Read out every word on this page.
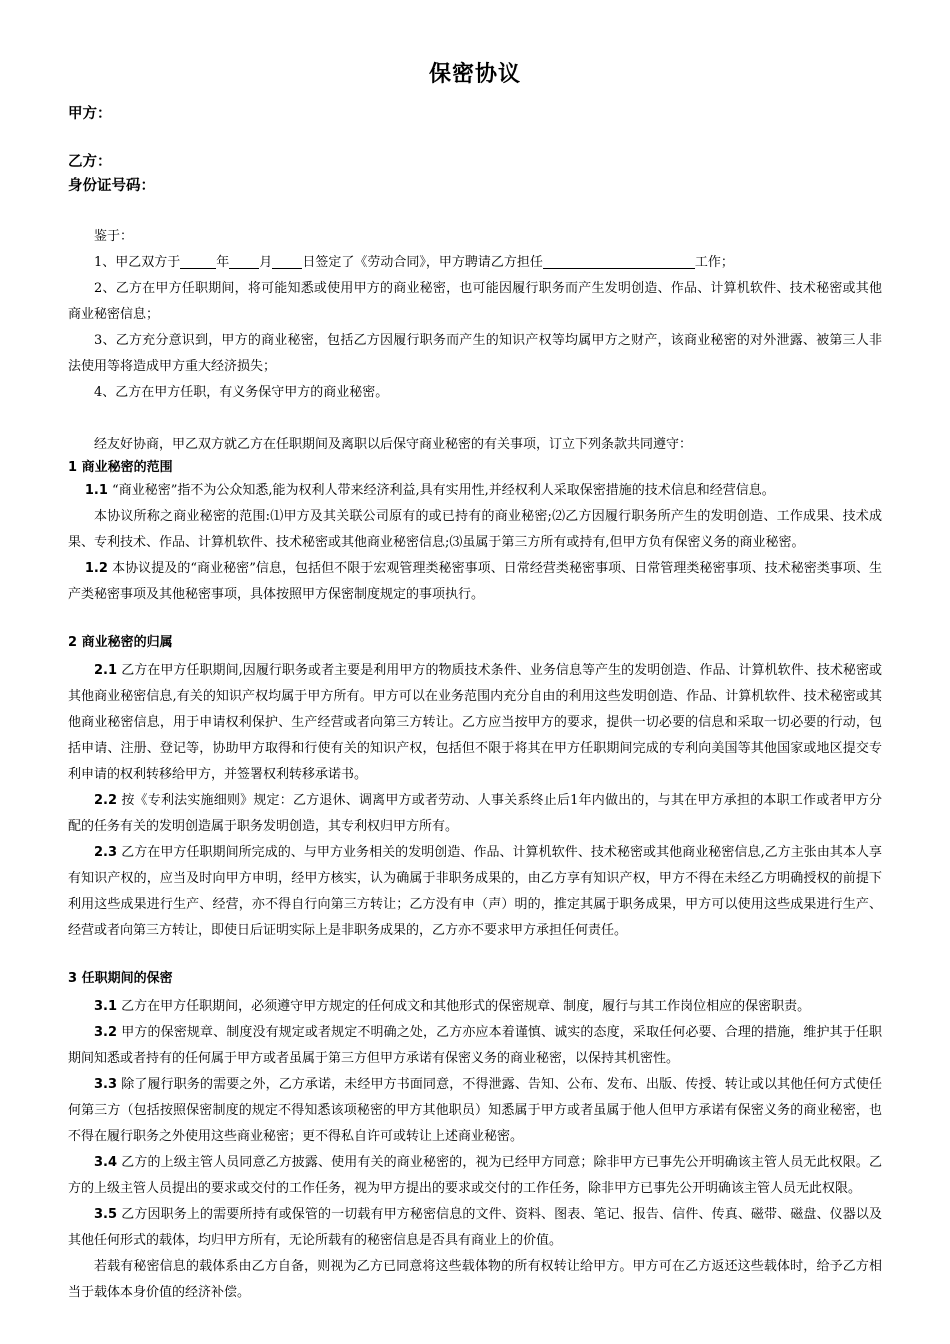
保密协议
甲方：
乙方：
身份证号码：

鉴于：

1、甲乙双方于	年 月 日签定了《劳动合同》，甲方聘请乙方担任	工作；

2、乙方在甲方任职期间，将可能知悉或使用甲方的商业秘密，也可能因履行职务而产生发明创造、作品、计算机软件、技术秘密或其他商业秘密信息；

3、乙方充分意识到，甲方的商业秘密，包括乙方因履行职务而产生的知识产权等均属甲方之财产，该商业秘密的对外泄露、被第三人非法使用等将造成甲方重大经济损失；

4、乙方在甲方任职，有义务保守甲方的商业秘密。

经友好协商，甲乙双方就乙方在任职期间及离职以后保守商业秘密的有关事项，订立下列条款共同遵守：

1 商业秘密的范围

1.1 “商业秘密”指不为公众知悉,能为权利人带来经济利益,具有实用性,并经权利人采取保密措施的技术信息和经营信息。

本协议所称之商业秘密的范围:⑴甲方及其关联公司原有的或已持有的商业秘密;⑵乙方因履行职务所产生的发明创造、工作成果、技术成果、专利技术、作品、计算机软件、技术秘密或其他商业秘密信息;⑶虽属于第三方所有或持有,但甲方负有保密义务的商业秘密。

1.2 本协议提及的“商业秘密”信息，包括但不限于宏观管理类秘密事项、日常经营类秘密事项、日常管理类秘密事项、技术秘密类事项、生产类秘密事项及其他秘密事项，具体按照甲方保密制度规定的事项执行。

2 商业秘密的归属

2.1 乙方在甲方任职期间,因履行职务或者主要是利用甲方的物质技术条件、业务信息等产生的发明创造、作品、计算机软件、技术秘密或其他商业秘密信息,有关的知识产权均属于甲方所有。甲方可以在业务范围内充分自由的利用这些发明创造、作品、计算机软件、技术秘密或其他商业秘密信息，用于申请权利保护、生产经营或者向第三方转让。乙方应当按甲方的要求，提供一切必要的信息和采取一切必要的行动，包括申请、注册、登记等，协助甲方取得和行使有关的知识产权，包括但不限于将其在甲方任职期间完成的专利向美国等其他国家或地区提交专利申请的权利转移给甲方，并签署权利转移承诺书。

2.2 按《专利法实施细则》规定：乙方退休、调离甲方或者劳动、人事关系终止后1年内做出的，与其在甲方承担的本职工作或者甲方分配的任务有关的发明创造属于职务发明创造，其专利权归甲方所有。

2.3 乙方在甲方任职期间所完成的、与甲方业务相关的发明创造、作品、计算机软件、技术秘密或其他商业秘密信息,乙方主张由其本人享有知识产权的，应当及时向甲方申明，经甲方核实，认为确属于非职务成果的，由乙方享有知识产权，甲方不得在未经乙方明确授权的前提下利用这些成果进行生产、经营，亦不得自行向第三方转让；乙方没有申（声）明的，推定其属于职务成果，甲方可以使用这些成果进行生产、经营或者向第三方转让，即使日后证明实际上是非职务成果的，乙方亦不要求甲方承担任何责任。

3 任职期间的保密

3.1 乙方在甲方任职期间，必须遵守甲方规定的任何成文和其他形式的保密规章、制度，履行与其工作岗位相应的保密职责。

3.2 甲方的保密规章、制度没有规定或者规定不明确之处，乙方亦应本着谨慎、诚实的态度，采取任何必要、合理的措施，维护其于任职期间知悉或者持有的任何属于甲方或者虽属于第三方但甲方承诺有保密义务的商业秘密，以保持其机密性。

3.3 除了履行职务的需要之外，乙方承诺，未经甲方书面同意，不得泄露、告知、公布、发布、出版、传授、转让或以其他任何方式使任何第三方（包括按照保密制度的规定不得知悉该项秘密的甲方其他职员）知悉属于甲方或者虽属于他人但甲方承诺有保密义务的商业秘密，也不得在履行职务之外使用这些商业秘密；更不得私自许可或转让上述商业秘密。

3.4 乙方的上级主管人员同意乙方披露、使用有关的商业秘密的，视为已经甲方同意；除非甲方已事先公开明确该主管人员无此权限。乙方的上级主管人员提出的要求或交付的工作任务，视为甲方提出的要求或交付的工作任务，除非甲方已事先公开明确该主管人员无此权限。

3.5 乙方因职务上的需要所持有或保管的一切载有甲方秘密信息的文件、资料、图表、笔记、报告、信件、传真、磁带、磁盘、仪器以及其他任何形式的载体，均归甲方所有，无论所载有的秘密信息是否具有商业上的价值。

若载有秘密信息的载体系由乙方自备，则视为乙方已同意将这些载体物的所有权转让给甲方。甲方可在乙方返还这些载体时，给予乙方相当于载体本身价值的经济补偿。
